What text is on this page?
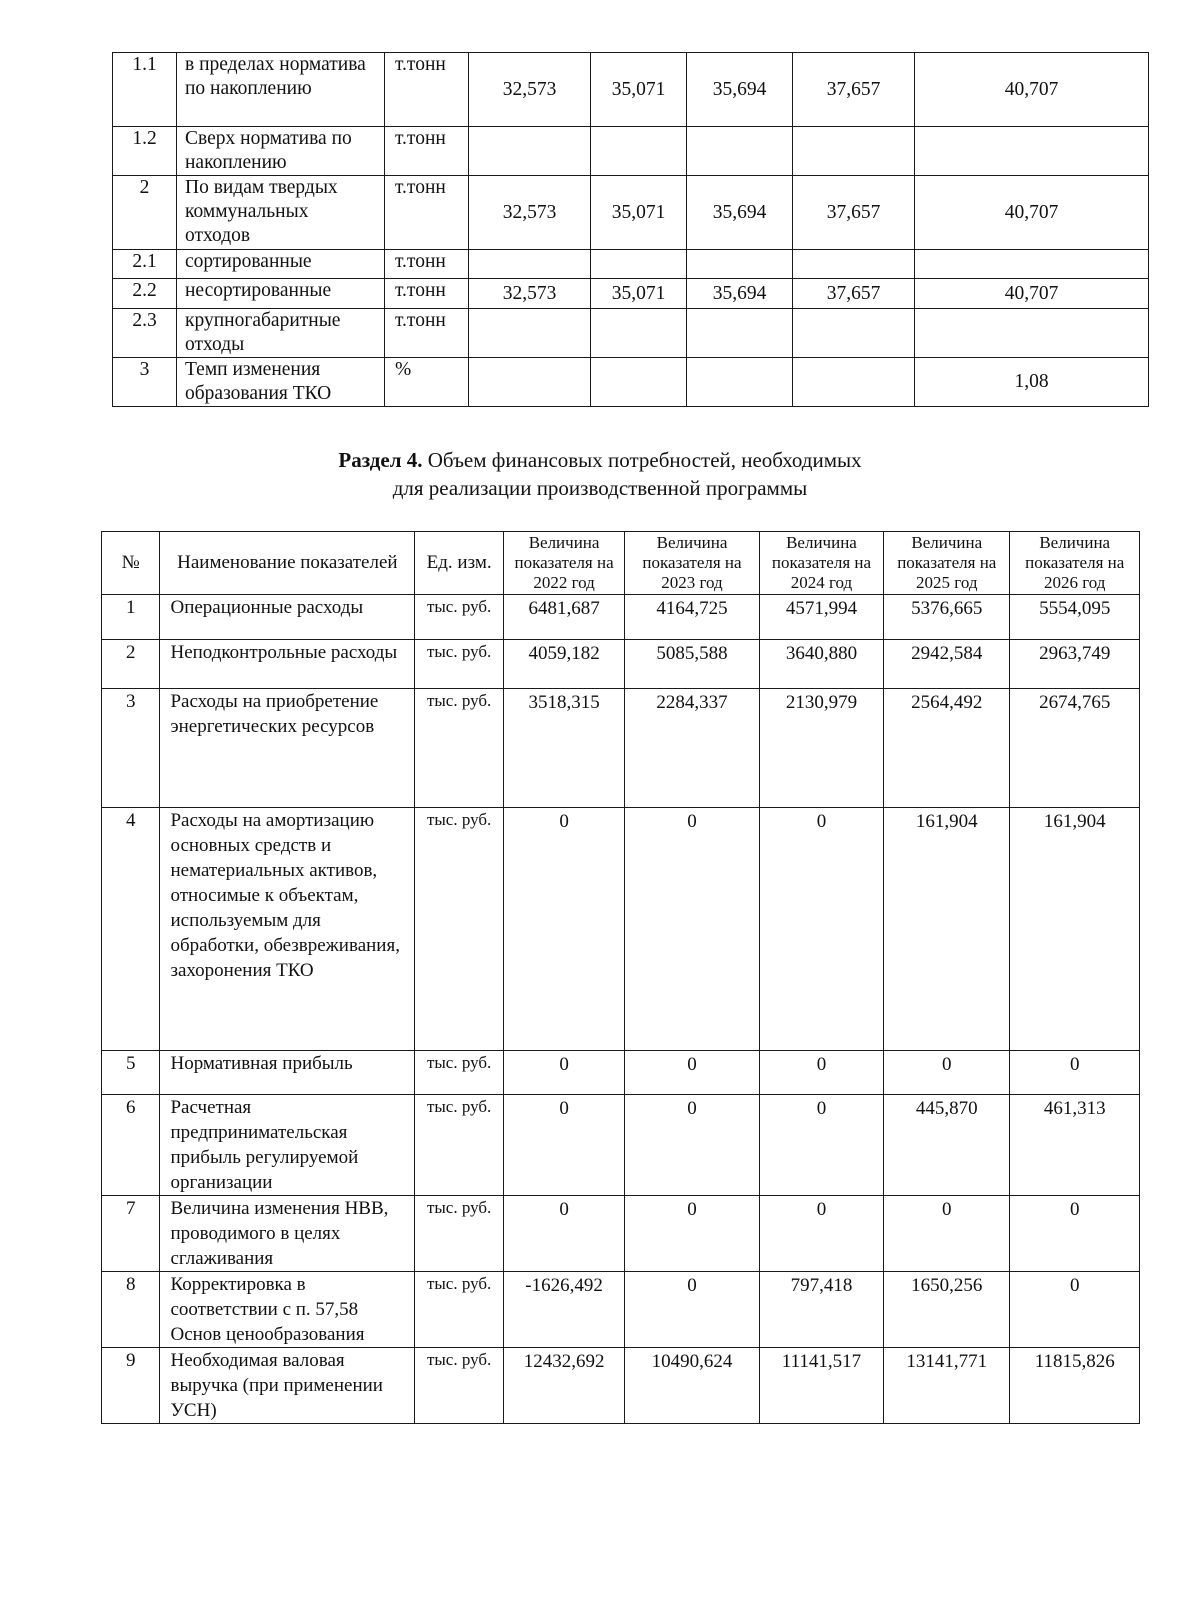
1.1	в пределах норматива по накоплению	т.тонн	32,573	35,071	35,694	37,657	40,707
1.2	Сверх норматива по накоплению	т.тонн					
2	По видам твердых коммунальных отходов	т.тонн	32,573	35,071	35,694	37,657	40,707
2.1	сортированные	т.тонн					
2.2	несортированные	т.тонн	32,573	35,071	35,694	37,657	40,707
2.3	крупногабаритные отходы	т.тонн					
3	Темп изменения образования ТКО	%					1,08
Раздел 4. Объем финансовых потребностей, необходимых
для реализации производственной программы
№	Наименование показателей	Ед. изм.	Величина показателя на 2022 год	Величина показателя на 2023 год	Величина показателя на 2024 год	Величина показателя на 2025 год	Величина показателя на 2026 год
1	Операционные расходы	тыс. руб.	6481,687	4164,725	4571,994	5376,665	5554,095
2	Неподконтрольные расходы	тыс. руб.	4059,182	5085,588	3640,880	2942,584	2963,749
3	Расходы на приобретение энергетических ресурсов	тыс. руб.	3518,315	2284,337	2130,979	2564,492	2674,765
4	Расходы на амортизацию основных средств и нематериальных активов, относимые к объектам, используемым для обработки, обезвреживания, захоронения ТКО	тыс. руб.	0	0	0	161,904	161,904
5	Нормативная прибыль	тыс. руб.	0	0	0	0	0
6	Расчетная предпринимательская прибыль регулируемой организации	тыс. руб.	0	0	0	445,870	461,313
7	Величина изменения НВВ, проводимого в целях сглаживания	тыс. руб.	0	0	0	0	0
8	Корректировка в соответствии с п. 57,58 Основ ценообразования	тыс. руб.	-1626,492	0	797,418	1650,256	0
9	Необходимая валовая выручка (при применении УСН)	тыс. руб.	12432,692	10490,624	11141,517	13141,771	11815,826
